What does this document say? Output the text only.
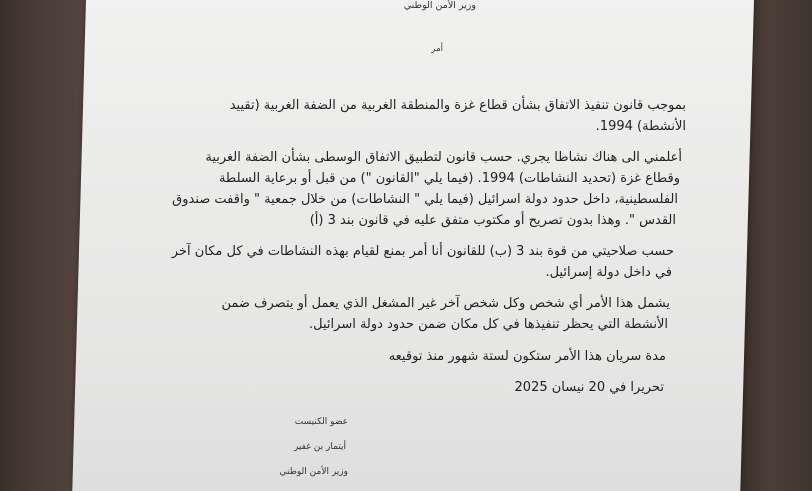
وزير الأمن الوطني
أمر
بموجب قانون تنفيذ الاتفاق بشأن قطاع غزة والمنطقة الغربية من الضفة الغربية (تقييد
الأنشطة) 1994.
أعلمني الى هناك نشاطا يجري. حسب قانون لتطبيق الاتفاق الوسطى بشأن الضفة الغربية
وقطاع غزة (تحديد النشاطات) 1994. (فيما يلي "القانون ") من قبل أو برعاية السلطة
الفلسطينية، داخل حدود دولة اسرائيل (فيما يلي " النشاطات) من خلال جمعية " واقفت صندوق
القدس ". وهذا بدون تصريح أو مكتوب متفق عليه في قانون بند 3 (أ)
حسب صلاحيتي من قوة بند 3 (ب) للقانون أنا أمر بمنع لقيام بهذه النشاطات في كل مكان آخر
في داخل دولة إسرائيل.
يشمل هذا الأمر أي شخص وكل شخص آخر غير المشغل الذي يعمل أو يتصرف ضمن
الأنشطة التي يحظر تنفيذها في كل مكان ضمن حدود دولة اسرائيل.
مدة سريان هذا الأمر ستكون لستة شهور منذ توقيعه
تحريرا في 20 نيسان 2025
عضو الكنيست
أيتمار بن غفير
وزير الأمن الوطني
